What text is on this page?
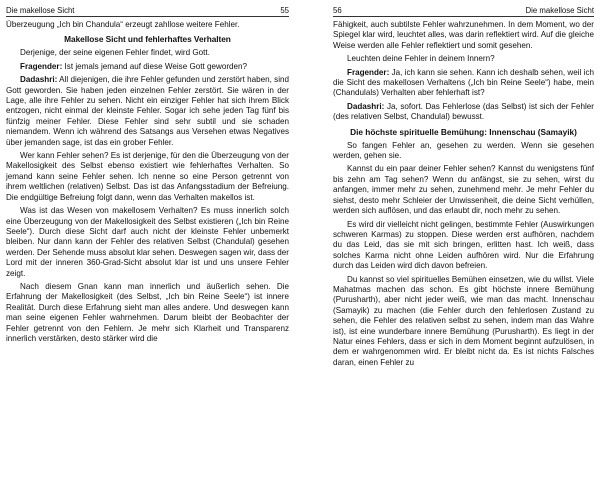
Die makellose Sicht	55

Überzeugung „Ich bin Chandula“ erzeugt zahllose weitere Fehler.

Makellose Sicht und fehlerhaftes Verhalten

Derjenige, der seine eigenen Fehler findet, wird Gott.

Fragender: Ist jemals jemand auf diese Weise Gott geworden?

Dadashri: All diejenigen, die ihre Fehler gefunden und zerstört haben, sind Gott geworden. Sie haben jeden einzelnen Fehler zerstört. Sie wären in der Lage, alle ihre Fehler zu sehen. Nicht ein einziger Fehler hat sich ihrem Blick entzogen, nicht einmal der kleinste Fehler. Sogar ich sehe jeden Tag fünf bis fünfzig meiner Fehler. Diese Fehler sind sehr subtil und sie schaden niemandem. Wenn ich während des Satsangs aus Versehen etwas Negatives über jemanden sage, ist das ein grober Fehler.

Wer kann Fehler sehen? Es ist derjenige, für den die Überzeugung von der Makellosigkeit des Selbst ebenso existiert wie fehlerhaftes Verhalten. So jemand kann seine Fehler sehen. Ich nenne so eine Person getrennt von ihrem weltlichen (relativen) Selbst. Das ist das Anfangsstadium der Befreiung. Die endgültige Befreiung folgt dann, wenn das Verhalten makellos ist.

Was ist das Wesen von makellosem Verhalten? Es muss innerlich solch eine Überzeugung von der Makellosigkeit des Selbst existieren („Ich bin Reine Seele“). Durch diese Sicht darf auch nicht der kleinste Fehler unbemerkt bleiben. Nur dann kann der Fehler des relativen Selbst (Chandulal) gesehen werden. Der Sehende muss absolut klar sehen. Deswegen sagen wir, dass der Lord mit der inneren 360-Grad-Sicht absolut klar ist und uns unsere Fehler zeigt.

Nach diesem Gnan kann man innerlich und äußerlich sehen. Die Erfahrung der Makellosigkeit (des Selbst, „Ich bin Reine Seele“) ist innere Realität. Durch diese Erfahrung sieht man alles andere. Und deswegen kann man seine eigenen Fehler wahrnehmen. Darum bleibt der Beobachter der Fehler getrennt von den Fehlern. Je mehr sich Klarheit und Transparenz innerlich verstärken, desto stärker wird die

56	Die makellose Sicht

Fähigkeit, auch subtilste Fehler wahrzunehmen. In dem Moment, wo der Spiegel klar wird, leuchtet alles, was darin reflektiert wird. Auf die gleiche Weise werden alle Fehler reflektiert und somit gesehen.

Leuchten deine Fehler in deinem Innern?

Fragender: Ja, ich kann sie sehen. Kann ich deshalb sehen, weil ich die Sicht des makellosen Verhaltens („Ich bin Reine Seele“) habe, mein (Chandulals) Verhalten aber fehlerhaft ist?

Dadashri: Ja, sofort. Das Fehlerlose (das Selbst) ist sich der Fehler (des relativen Selbst, Chandulal) bewusst.

Die höchste spirituelle Bemühung: Innenschau (Samayik)

So fangen Fehler an, gesehen zu werden. Wenn sie gesehen werden, gehen sie.

Kannst du ein paar deiner Fehler sehen? Kannst du wenigstens fünf bis zehn am Tag sehen? Wenn du anfängst, sie zu sehen, wirst du anfangen, immer mehr zu sehen, zunehmend mehr. Je mehr Fehler du siehst, desto mehr Schleier der Unwissenheit, die deine Sicht verhüllen, werden sich auflösen, und das erlaubt dir, noch mehr zu sehen.

Es wird dir vielleicht nicht gelingen, bestimmte Fehler (Auswirkungen schweren Karmas) zu stoppen. Diese werden erst aufhören, nachdem du das Leid, das sie mit sich bringen, erlitten hast. Ich weiß, dass solches Karma nicht ohne Leiden aufhören wird. Nur die Erfahrung durch das Leiden wird dich davon befreien.

Du kannst so viel spirituelles Bemühen einsetzen, wie du willst. Viele Mahatmas machen das schon. Es gibt höchste innere Bemühung (Purusharth), aber nicht jeder weiß, wie man das macht. Innenschau (Samayik) zu machen (die Fehler durch den fehlerlosen Zustand zu sehen, die Fehler des relativen selbst zu sehen, indem man das Wahre ist), ist eine wunderbare innere Bemühung (Purusharth). Es liegt in der Natur eines Fehlers, dass er sich in dem Moment beginnt aufzulösen, in dem er wahrgenommen wird. Er bleibt nicht da. Es ist nichts Falsches daran, einen Fehler zu
